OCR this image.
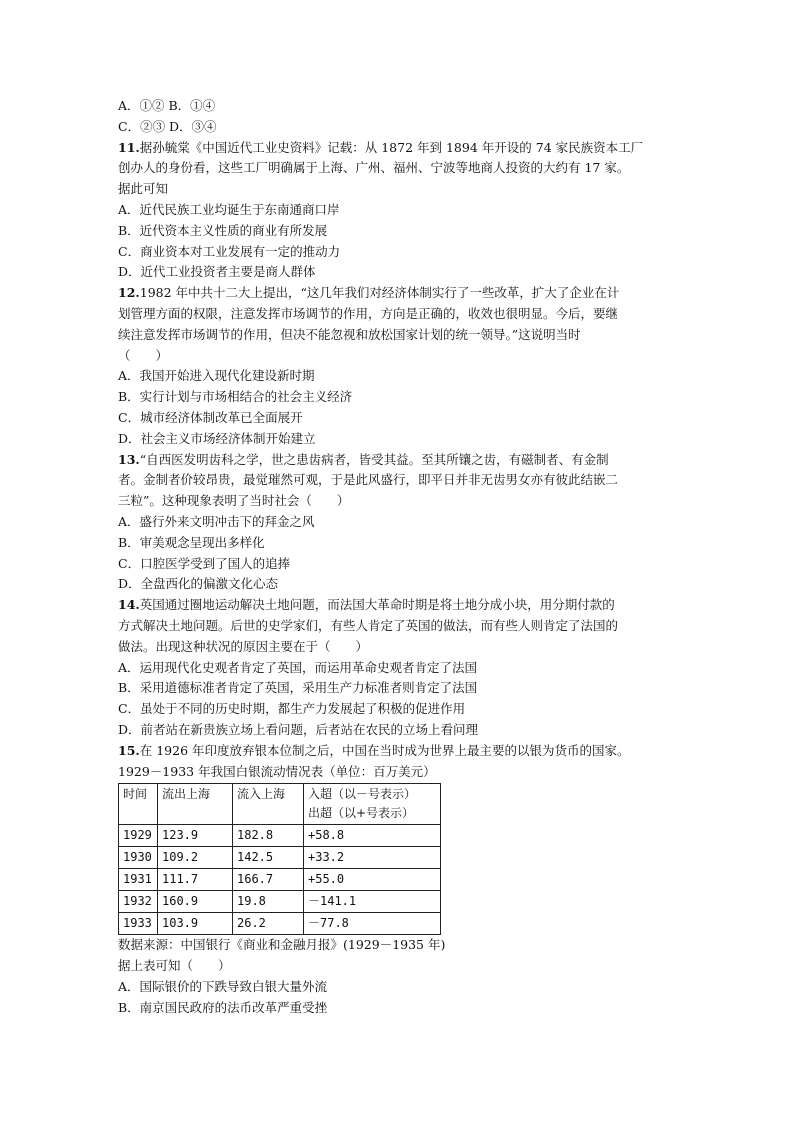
A．①② B．①④
C．②③ D．③④
11.据孙毓棠《中国近代工业史资料》记载：从 1872 年到 1894 年开设的 74 家民族资本工厂
创办人的身份看，这些工厂明确属于上海、广州、福州、宁波等地商人投资的大约有 17 家。
据此可知
A．近代民族工业均诞生于东南通商口岸
B．近代资本主义性质的商业有所发展
C．商业资本对工业发展有一定的推动力
D．近代工业投资者主要是商人群体
12.1982 年中共十二大上提出，“这几年我们对经济体制实行了一些改革，扩大了企业在计
划管理方面的权限，注意发挥市场调节的作用，方向是正确的，收效也很明显。今后，要继
续注意发挥市场调节的作用，但决不能忽视和放松国家计划的统一领导。”这说明当时
（　　）
A．我国开始进入现代化建设新时期
B．实行计划与市场相结合的社会主义经济
C．城市经济体制改革已全面展开
D．社会主义市场经济体制开始建立
13.“自西医发明齿科之学，世之患齿病者，皆受其益。至其所镶之齿，有磁制者、有金制
者。金制者价较昂贵，最觉璀然可观，于是此风盛行，即平日并非无齿男女亦有彼此结嵌二
三粒”。这种现象表明了当时社会（　　）
A．盛行外来文明冲击下的拜金之风
B．审美观念呈现出多样化
C．口腔医学受到了国人的追捧
D．全盘西化的偏激文化心态
14.英国通过圈地运动解决土地问题，而法国大革命时期是将土地分成小块，用分期付款的
方式解决土地问题。后世的史学家们，有些人肯定了英国的做法，而有些人则肯定了法国的
做法。出现这种状况的原因主要在于（　　）
A．运用现代化史观者肯定了英国，而运用革命史观者肯定了法国
B．采用道德标准者肯定了英国，采用生产力标准者则肯定了法国
C．虽处于不同的历史时期，都生产力发展起了积极的促进作用
D．前者站在新贵族立场上看问题，后者站在农民的立场上看问理
15.在 1926 年印度放弃银本位制之后，中国在当时成为世界上最主要的以银为货币的国家。
1929－1933 年我国白银流动情况表（单位：百万美元）
时间	流出上海	流入上海	入超（以－号表示）
出超（以+号表示）

1929	123.9	182.8	+58.8
1930	109.2	142.5	+33.2
1931	111.7	166.7	+55.0
1932	160.9	19.8	－141.1
1933	103.9	26.2	－77.8
数据来源：中国银行《商业和金融月报》(1929－1935 年)
据上表可知（　　）
A．国际银价的下跌导致白银大量外流
B．南京国民政府的法币改革严重受挫
